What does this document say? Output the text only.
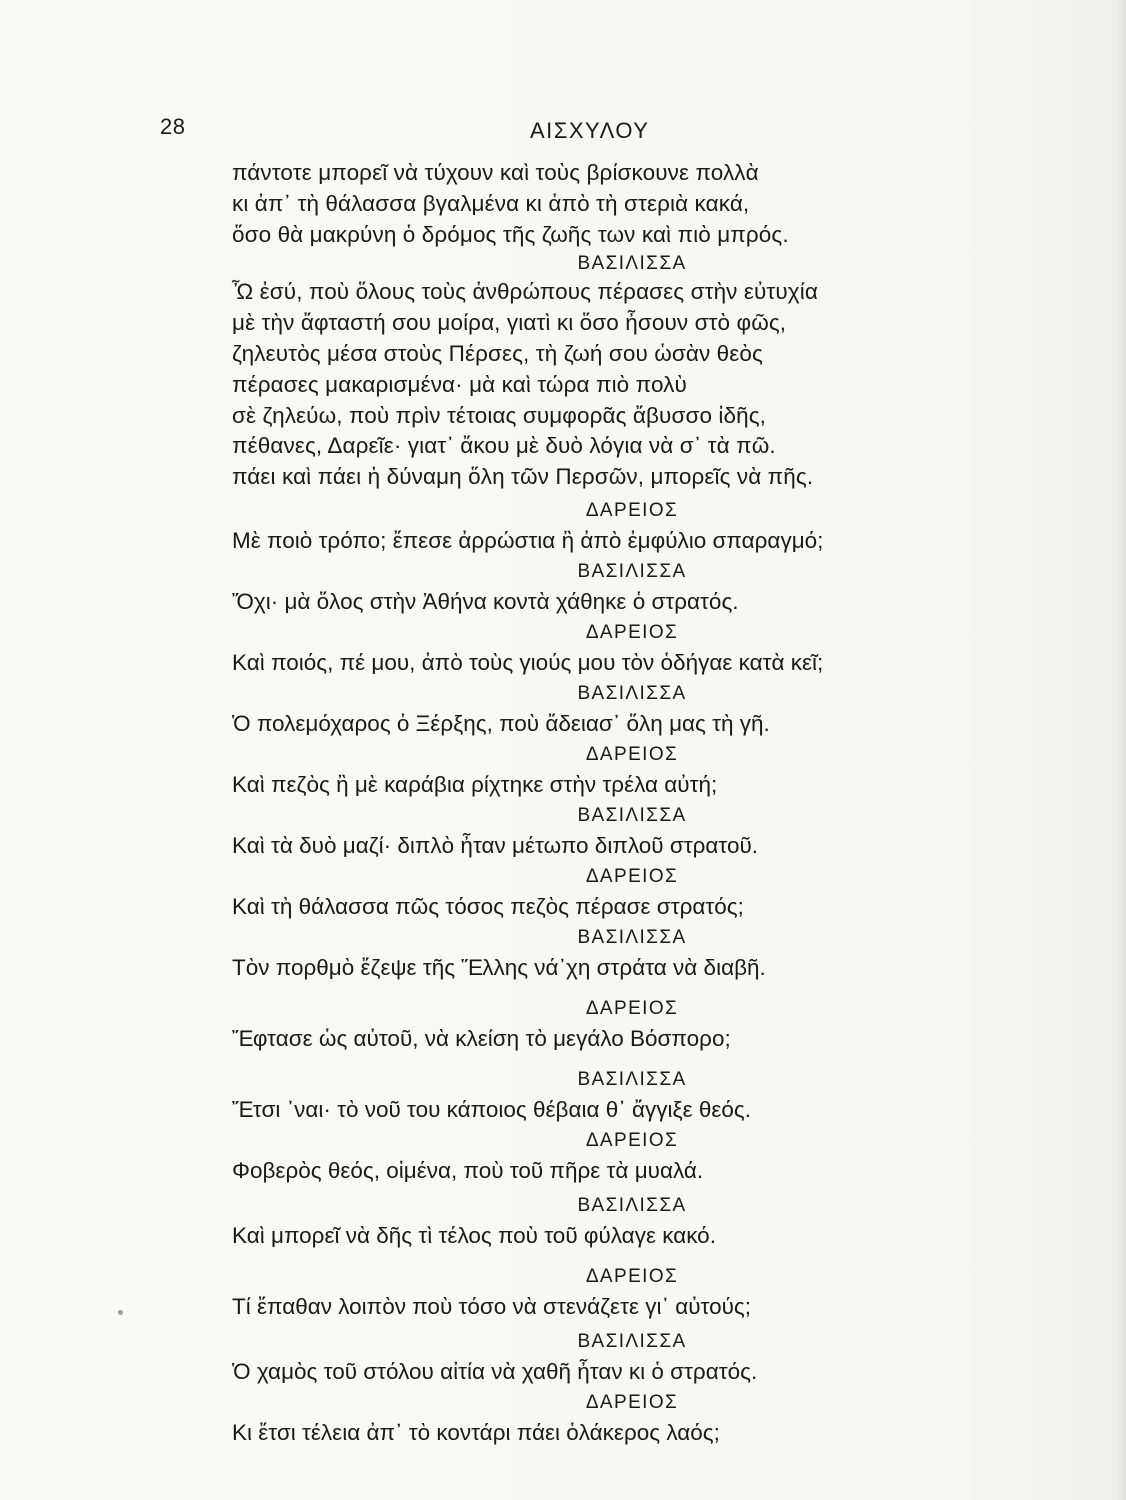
28	ΑΙΣΧΥΛΟΥ
πάντοτε μπορεῖ νὰ τύχουν καὶ τοὺς βρίσκουνε πολλὰ
κι ἀπ᾽ τὴ θάλασσα βγαλμένα κι ἀπὸ τὴ στεριὰ κακά,
ὅσο θὰ μακρύνη ὁ δρόμος τῆς ζωῆς των καὶ πιὸ μπρός.
ΒΑΣΙΛΙΣΣΑ
Ὦ ἐσύ, ποὺ ὅλους τοὺς ἀνθρώπους πέρασες στὴν εὐτυχία
μὲ τὴν ἄφταστή σου μοίρα, γιατὶ κι ὅσο ἦσουν στὸ φῶς,
ζηλευτὸς μέσα στοὺς Πέρσες, τὴ ζωή σου ὡσὰν θεὸς
πέρασες μακαρισμένα· μὰ καὶ τώρα πιὸ πολὺ
σὲ ζηλεύω, ποὺ πρὶν τέτοιας συμφορᾶς ἄβυσσο ἰδῆς,
πέθανες, Δαρεῖε· γιατ᾽ ἄκου μὲ δυὸ λόγια νὰ σ᾽ τὰ πῶ.
πάει καὶ πάει ἡ δύναμη ὅλη τῶν Περσῶν, μπορεῖς νὰ πῆς.
ΔΑΡΕΙΟΣ
Μὲ ποιὸ τρόπο; ἔπεσε ἀρρώστια ἢ ἀπὸ ἐμφύλιο σπαραγμό;
ΒΑΣΙΛΙΣΣΑ
Ὄχι· μὰ ὅλος στὴν Ἀθήνα κοντὰ χάθηκε ὁ στρατός.
ΔΑΡΕΙΟΣ
Καὶ ποιός, πέ μου, ἀπὸ τοὺς γιούς μου τὸν ὁδήγαε κατὰ κεῖ;
ΒΑΣΙΛΙΣΣΑ
Ὁ πολεμόχαρος ὁ Ξέρξης, ποὺ ἄδειασ᾽ ὅλη μας τὴ γῆ.
ΔΑΡΕΙΟΣ
Καὶ πεζὸς ἢ μὲ καράβια ρίχτηκε στὴν τρέλα αὐτή;
ΒΑΣΙΛΙΣΣΑ
Καὶ τὰ δυὸ μαζί· διπλὸ ἦταν μέτωπο διπλοῦ στρατοῦ.
ΔΑΡΕΙΟΣ
Καὶ τὴ θάλασσα πῶς τόσος πεζὸς πέρασε στρατός;
ΒΑΣΙΛΙΣΣΑ
Τὸν πορθμὸ ἔζεψε τῆς Ἕλλης νά᾽χη στράτα νὰ διαβῆ.
ΔΑΡΕΙΟΣ
Ἔφτασε ὡς αὐτοῦ, νὰ κλείση τὸ μεγάλο Βόσπορο;
ΒΑΣΙΛΙΣΣΑ
Ἔτσι ᾽ναι· τὸ νοῦ του κάποιος θέβαια θ᾽ ἄγγιξε θεός.
ΔΑΡΕΙΟΣ
Φοβερὸς θεός, οἱμένα, ποὺ τοῦ πῆρε τὰ μυαλά.
ΒΑΣΙΛΙΣΣΑ
Καὶ μπορεῖ νὰ δῆς τὶ τέλος ποὺ τοῦ φύλαγε κακό.
ΔΑΡΕΙΟΣ
Τί ἔπαθαν λοιπὸν ποὺ τόσο νὰ στενάζετε γι᾽ αὐτούς;
ΒΑΣΙΛΙΣΣΑ
Ὁ χαμὸς τοῦ στόλου αἰτία νὰ χαθῆ ἦταν κι ὁ στρατός.
ΔΑΡΕΙΟΣ
Κι ἔτσι τέλεια ἀπ᾽ τὸ κοντάρι πάει ὁλάκερος λαός;
